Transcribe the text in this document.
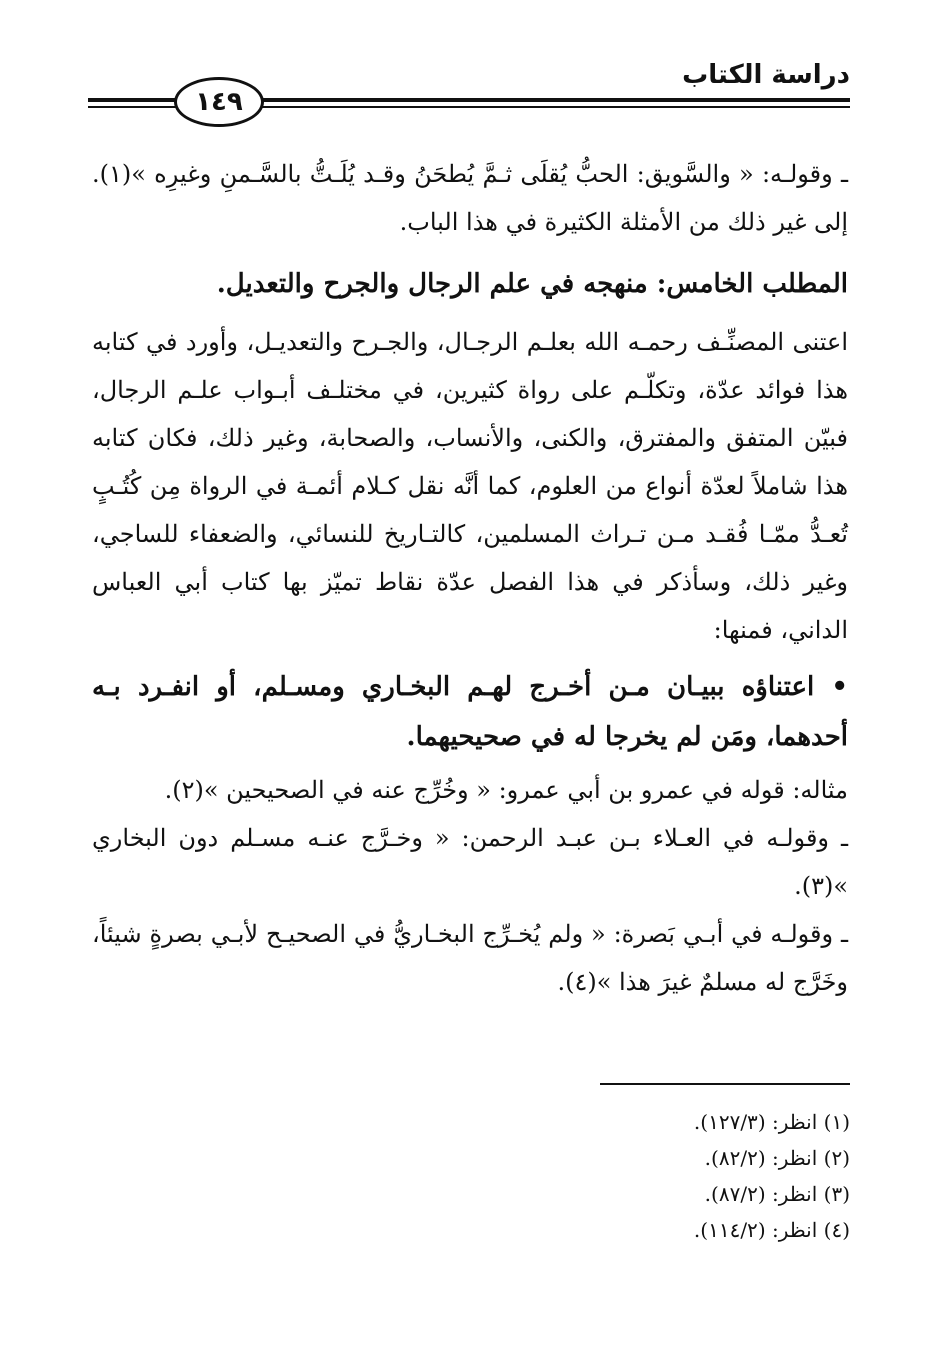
دراسة الكتاب
١٤٩

ـ وقولـه: « والسَّويق: الحبُّ يُقلَى ثـمَّ يُطحَنُ وقـد يُلَـتُّ بالسَّـمنِ وغيرِه »(١). إلى غير ذلك من الأمثلة الكثيرة في هذا الباب.

المطلب الخامس: منهجه في علم الرجال والجرح والتعديل.

اعتنى المصنِّـف رحمـه الله بعلـم الرجـال، والجـرح والتعديـل، وأورد في كتابه هذا فوائد عدّة، وتكلّـم على رواة كثيرين، في مختلـف أبـواب علـم الرجال، فبيّن المتفق والمفترق، والكنى، والأنساب، والصحابة، وغير ذلك، فكان كتابه هذا شاملاً لعدّة أنواع من العلوم، كما أنَّه نقل كـلام أئمـة في الرواة مِن كُتُـبٍ تُعـدُّ ممّـا فُقـد مـن تـراث المسلمين، كالتـاريخ للنسائي، والضعفاء للساجي، وغير ذلك، وسأذكر في هذا الفصل عدّة نقاط تميّز بها كتاب أبي العباس الداني، فمنها:

• اعتناؤه ببيـان مـن أخـرج لهـم البخـاري ومسـلم، أو انفـرد بـه أحدهما، ومَن لم يخرجا له في صحيحيهما.

مثاله: قوله في عمرو بن أبي عمرو: « وخُرِّج عنه في الصحيحين »(٢).

ـ وقولـه في العـلاء بـن عبـد الرحمن: « وخـرَّج عنـه مسـلم دون البخاري »(٣).

ـ وقولـه في أبـي بَصرة: « ولم يُخـرِّج البخـاريُّ في الصحيـح لأبـي بصرةٍ شيئاً، وخَرَّج له مسلمٌ غيرَ هذا »(٤).

(١) انظر: (١٢٧/٣).
(٢) انظر: (٨٢/٢).
(٣) انظر: (٨٧/٢).
(٤) انظر: (١١٤/٢).
